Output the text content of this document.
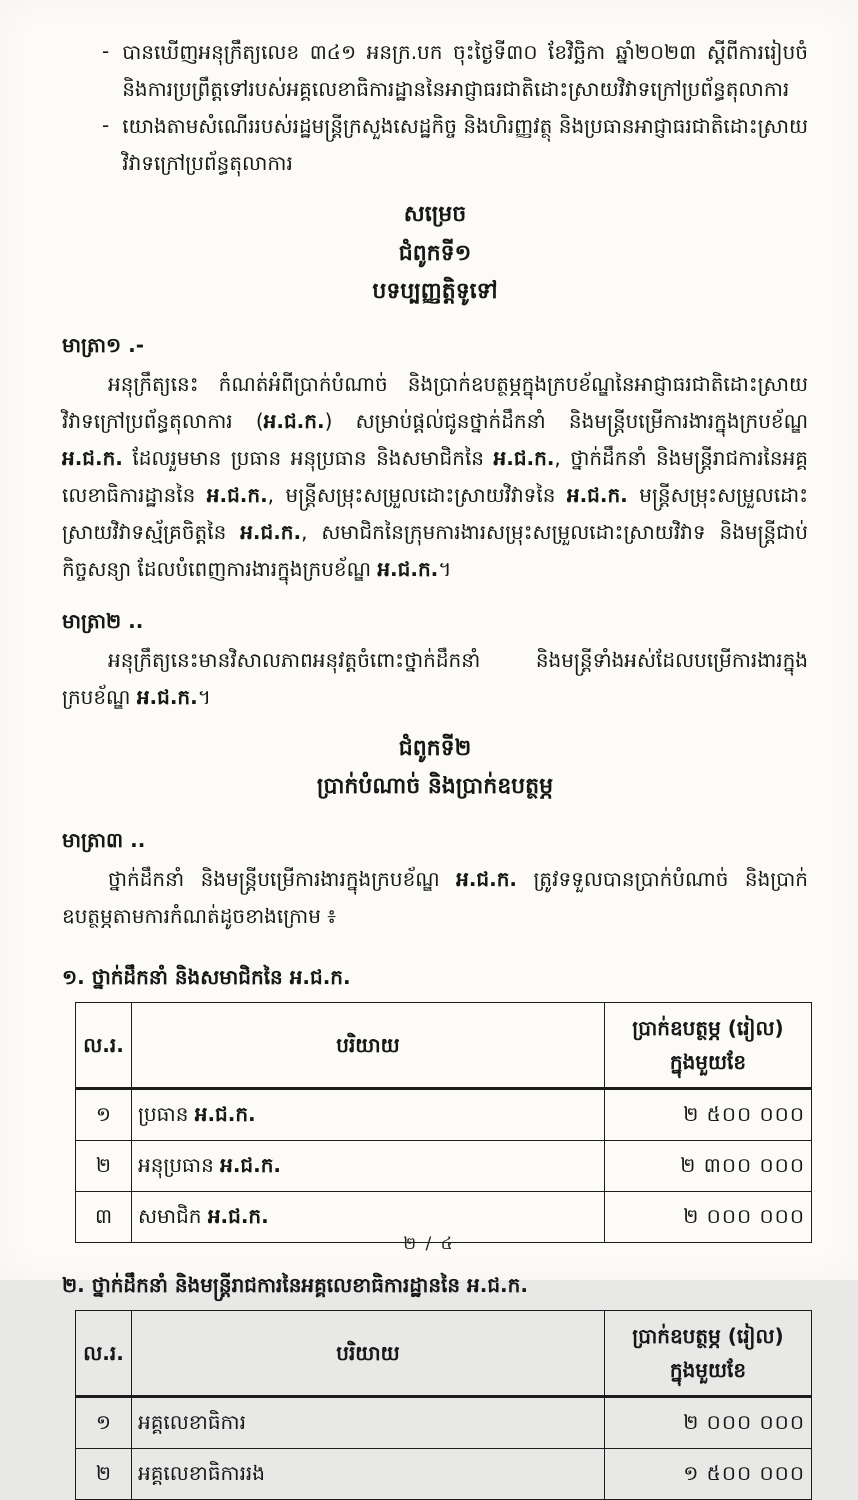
- បានឃើញអនុក្រឹត្យលេខ ៣៤១ អនក្រ.បក ចុះថ្ងៃទី៣០ ខែវិច្ឆិកា ឆ្នាំ២០២៣ ស្ដីពីការរៀបចំ និងការប្រព្រឹត្តទៅរបស់អគ្គលេខាធិការដ្ឋាននៃអាជ្ញាធរជាតិដោះស្រាយវិវាទក្រៅប្រព័ន្ធតុលាការ
- យោងតាមសំណើររបស់រដ្ឋមន្ត្រីក្រសួងសេដ្ឋកិច្ច និងហិរញ្ញវត្ថុ និងប្រធានអាជ្ញាធរជាតិដោះស្រាយវិវាទក្រៅប្រព័ន្ធតុលាការ
សម្រេច
ជំពូកទី១
បទប្បញ្ញត្តិទូទៅ
មាត្រា១ .-

អនុក្រឹត្យនេះ កំណត់អំពីប្រាក់បំណាច់ និងប្រាក់ឧបត្ថម្ភក្នុងក្របខ័ណ្ឌនៃអាជ្ញាធរជាតិដោះស្រាយវិវាទក្រៅប្រព័ន្ធតុលាការ (អ.ជ.ក.) សម្រាប់ផ្តល់ជូនថ្នាក់ដឹកនាំ និងមន្ត្រីបម្រើការងារក្នុងក្របខ័ណ្ឌ អ.ជ.ក. ដែលរួមមាន ប្រធាន អនុប្រធាន និងសមាជិកនៃ អ.ជ.ក., ថ្នាក់ដឹកនាំ និងមន្ត្រីរាជការនៃអគ្គលេខាធិការដ្ឋាននៃ អ.ជ.ក., មន្ត្រីសម្រុះសម្រួលដោះស្រាយវិវាទនៃ អ.ជ.ក. មន្ត្រីសម្រុះសម្រួលដោះស្រាយវិវាទស្ម័គ្រចិត្តនៃ អ.ជ.ក., សមាជិកនៃក្រុមការងារសម្រុះសម្រួលដោះស្រាយវិវាទ និងមន្ត្រីជាប់កិច្ចសន្យា ដែលបំពេញការងារក្នុងក្របខ័ណ្ឌ អ.ជ.ក.។

មាត្រា២ ..

អនុក្រឹត្យនេះមានវិសាលភាពអនុវត្តចំពោះថ្នាក់ដឹកនាំ និងមន្ត្រីទាំងអស់ដែលបម្រើការងារក្នុងក្របខ័ណ្ឌ អ.ជ.ក.។

ជំពូកទី២
ប្រាក់បំណាច់ និងប្រាក់ឧបត្ថម្ភ
មាត្រា៣ ..

ថ្នាក់ដឹកនាំ និងមន្ត្រីបម្រើការងារក្នុងក្របខ័ណ្ឌ អ.ជ.ក. ត្រូវទទួលបានប្រាក់បំណាច់ និងប្រាក់ឧបត្ថម្ភតាមការកំណត់ដូចខាងក្រោម ៖

១. ថ្នាក់ដឹកនាំ និងសមាជិកនៃ អ.ជ.ក.
ល.រ.	បរិយាយ	ប្រាក់ឧបត្ថម្ភ (រៀល)
ក្នុងមួយខែ

១	ប្រធាន អ.ជ.ក.	២ ៥០០ ០០០
២	អនុប្រធាន អ.ជ.ក.	២ ៣០០ ០០០
៣	សមាជិក អ.ជ.ក.	២ ០០០ ០០០
២. ថ្នាក់ដឹកនាំ និងមន្ត្រីរាជការនៃអគ្គលេខាធិការដ្ឋាននៃ អ.ជ.ក.
ល.រ.	បរិយាយ	ប្រាក់ឧបត្ថម្ភ (រៀល)
ក្នុងមួយខែ

១	អគ្គលេខាធិការ	២ ០០០ ០០០
២	អគ្គលេខាធិការរង	១ ៥០០ ០០០
២ / ៤
